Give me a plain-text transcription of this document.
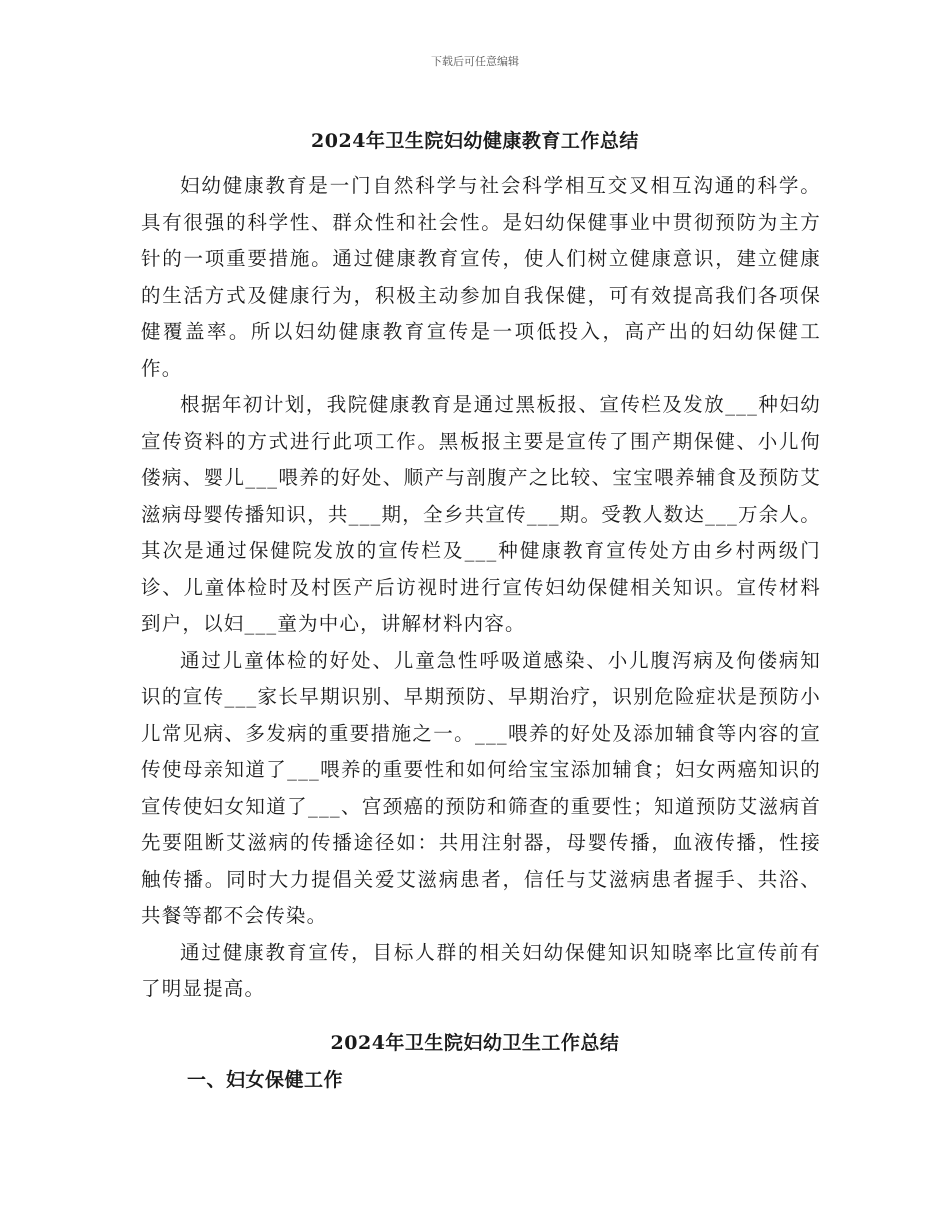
下载后可任意编辑
2024年卫生院妇幼健康教育工作总结

妇幼健康教育是一门自然科学与社会科学相互交叉相互沟通的科学。具有很强的科学性、群众性和社会性。是妇幼保健事业中贯彻预防为主方针的一项重要措施。通过健康教育宣传，使人们树立健康意识，建立健康的生活方式及健康行为，积极主动参加自我保健，可有效提高我们各项保健覆盖率。所以妇幼健康教育宣传是一项低投入，高产出的妇幼保健工作。

根据年初计划，我院健康教育是通过黑板报、宣传栏及发放___种妇幼宣传资料的方式进行此项工作。黑板报主要是宣传了围产期保健、小儿佝偻病、婴儿___喂养的好处、顺产与剖腹产之比较、宝宝喂养辅食及预防艾滋病母婴传播知识，共___期，全乡共宣传___期。受教人数达___万余人。其次是通过保健院发放的宣传栏及___种健康教育宣传处方由乡村两级门诊、儿童体检时及村医产后访视时进行宣传妇幼保健相关知识。宣传材料到户，以妇___童为中心，讲解材料内容。

通过儿童体检的好处、儿童急性呼吸道感染、小儿腹泻病及佝偻病知识的宣传___家长早期识别、早期预防、早期治疗，识别危险症状是预防小儿常见病、多发病的重要措施之一。___喂养的好处及添加辅食等内容的宣传使母亲知道了___喂养的重要性和如何给宝宝添加辅食；妇女两癌知识的宣传使妇女知道了___、宫颈癌的预防和筛查的重要性；知道预防艾滋病首先要阻断艾滋病的传播途径如：共用注射器，母婴传播，血液传播，性接触传播。同时大力提倡关爱艾滋病患者，信任与艾滋病患者握手、共浴、共餐等都不会传染。

通过健康教育宣传，目标人群的相关妇幼保健知识知晓率比宣传前有了明显提高。

2024年卫生院妇幼卫生工作总结
一、妇女保健工作
